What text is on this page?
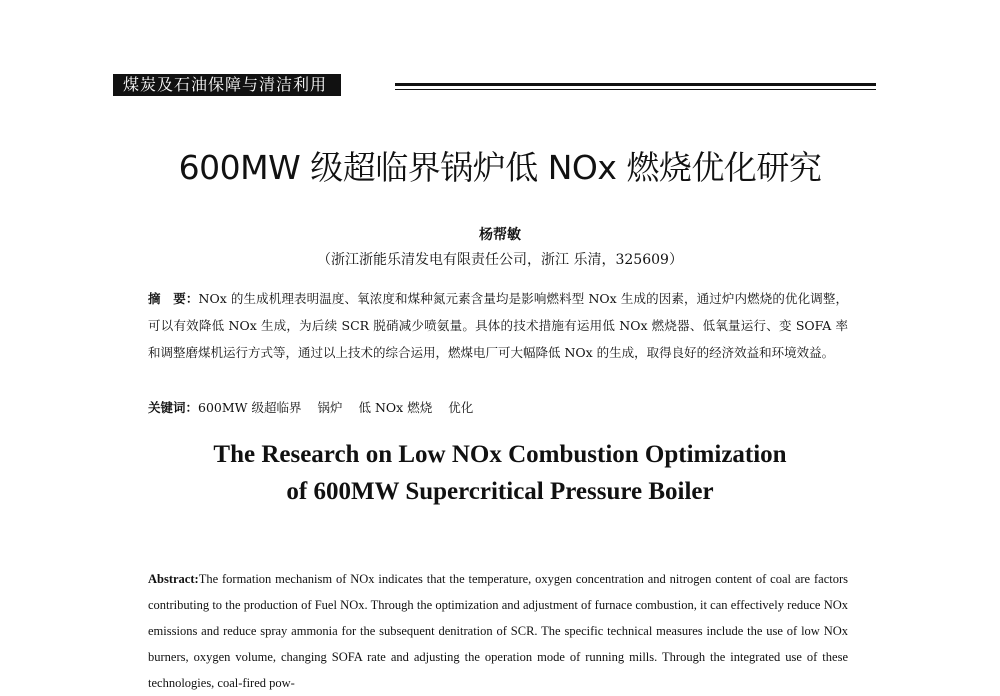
煤炭及石油保障与清洁利用
600MW 级超临界锅炉低 NOx 燃烧优化研究
杨帮敏
（浙江浙能乐清发电有限责任公司，浙江 乐清，325609）

摘　要：NOx 的生成机理表明温度、氧浓度和煤种氮元素含量均是影响燃料型 NOx 生成的因素，通过炉内燃烧的优化调整，可以有效降低 NOx 生成，为后续 SCR 脱硝减少喷氨量。具体的技术措施有运用低 NOx 燃烧器、低氧量运行、变 SOFA 率和调整磨煤机运行方式等，通过以上技术的综合运用，燃煤电厂可大幅降低 NOx 的生成，取得良好的经济效益和环境效益。

关键词：600MW 级超临界 锅炉 低 NOx 燃烧 优化

The Research on Low NOx Combustion Optimization
of 600MW Supercritical Pressure Boiler

Abstract:The formation mechanism of NOx indicates that the temperature, oxygen concentration and nitrogen content of coal are factors contributing to the production of Fuel NOx. Through the optimization and adjustment of furnace combustion, it can effectively reduce NOx emissions and reduce spray ammonia for the subsequent denitration of SCR. The specific technical measures include the use of low NOx burners, oxygen volume, changing SOFA rate and adjusting the operation mode of running mills. Through the integrated use of these technologies, coal-fired pow-
